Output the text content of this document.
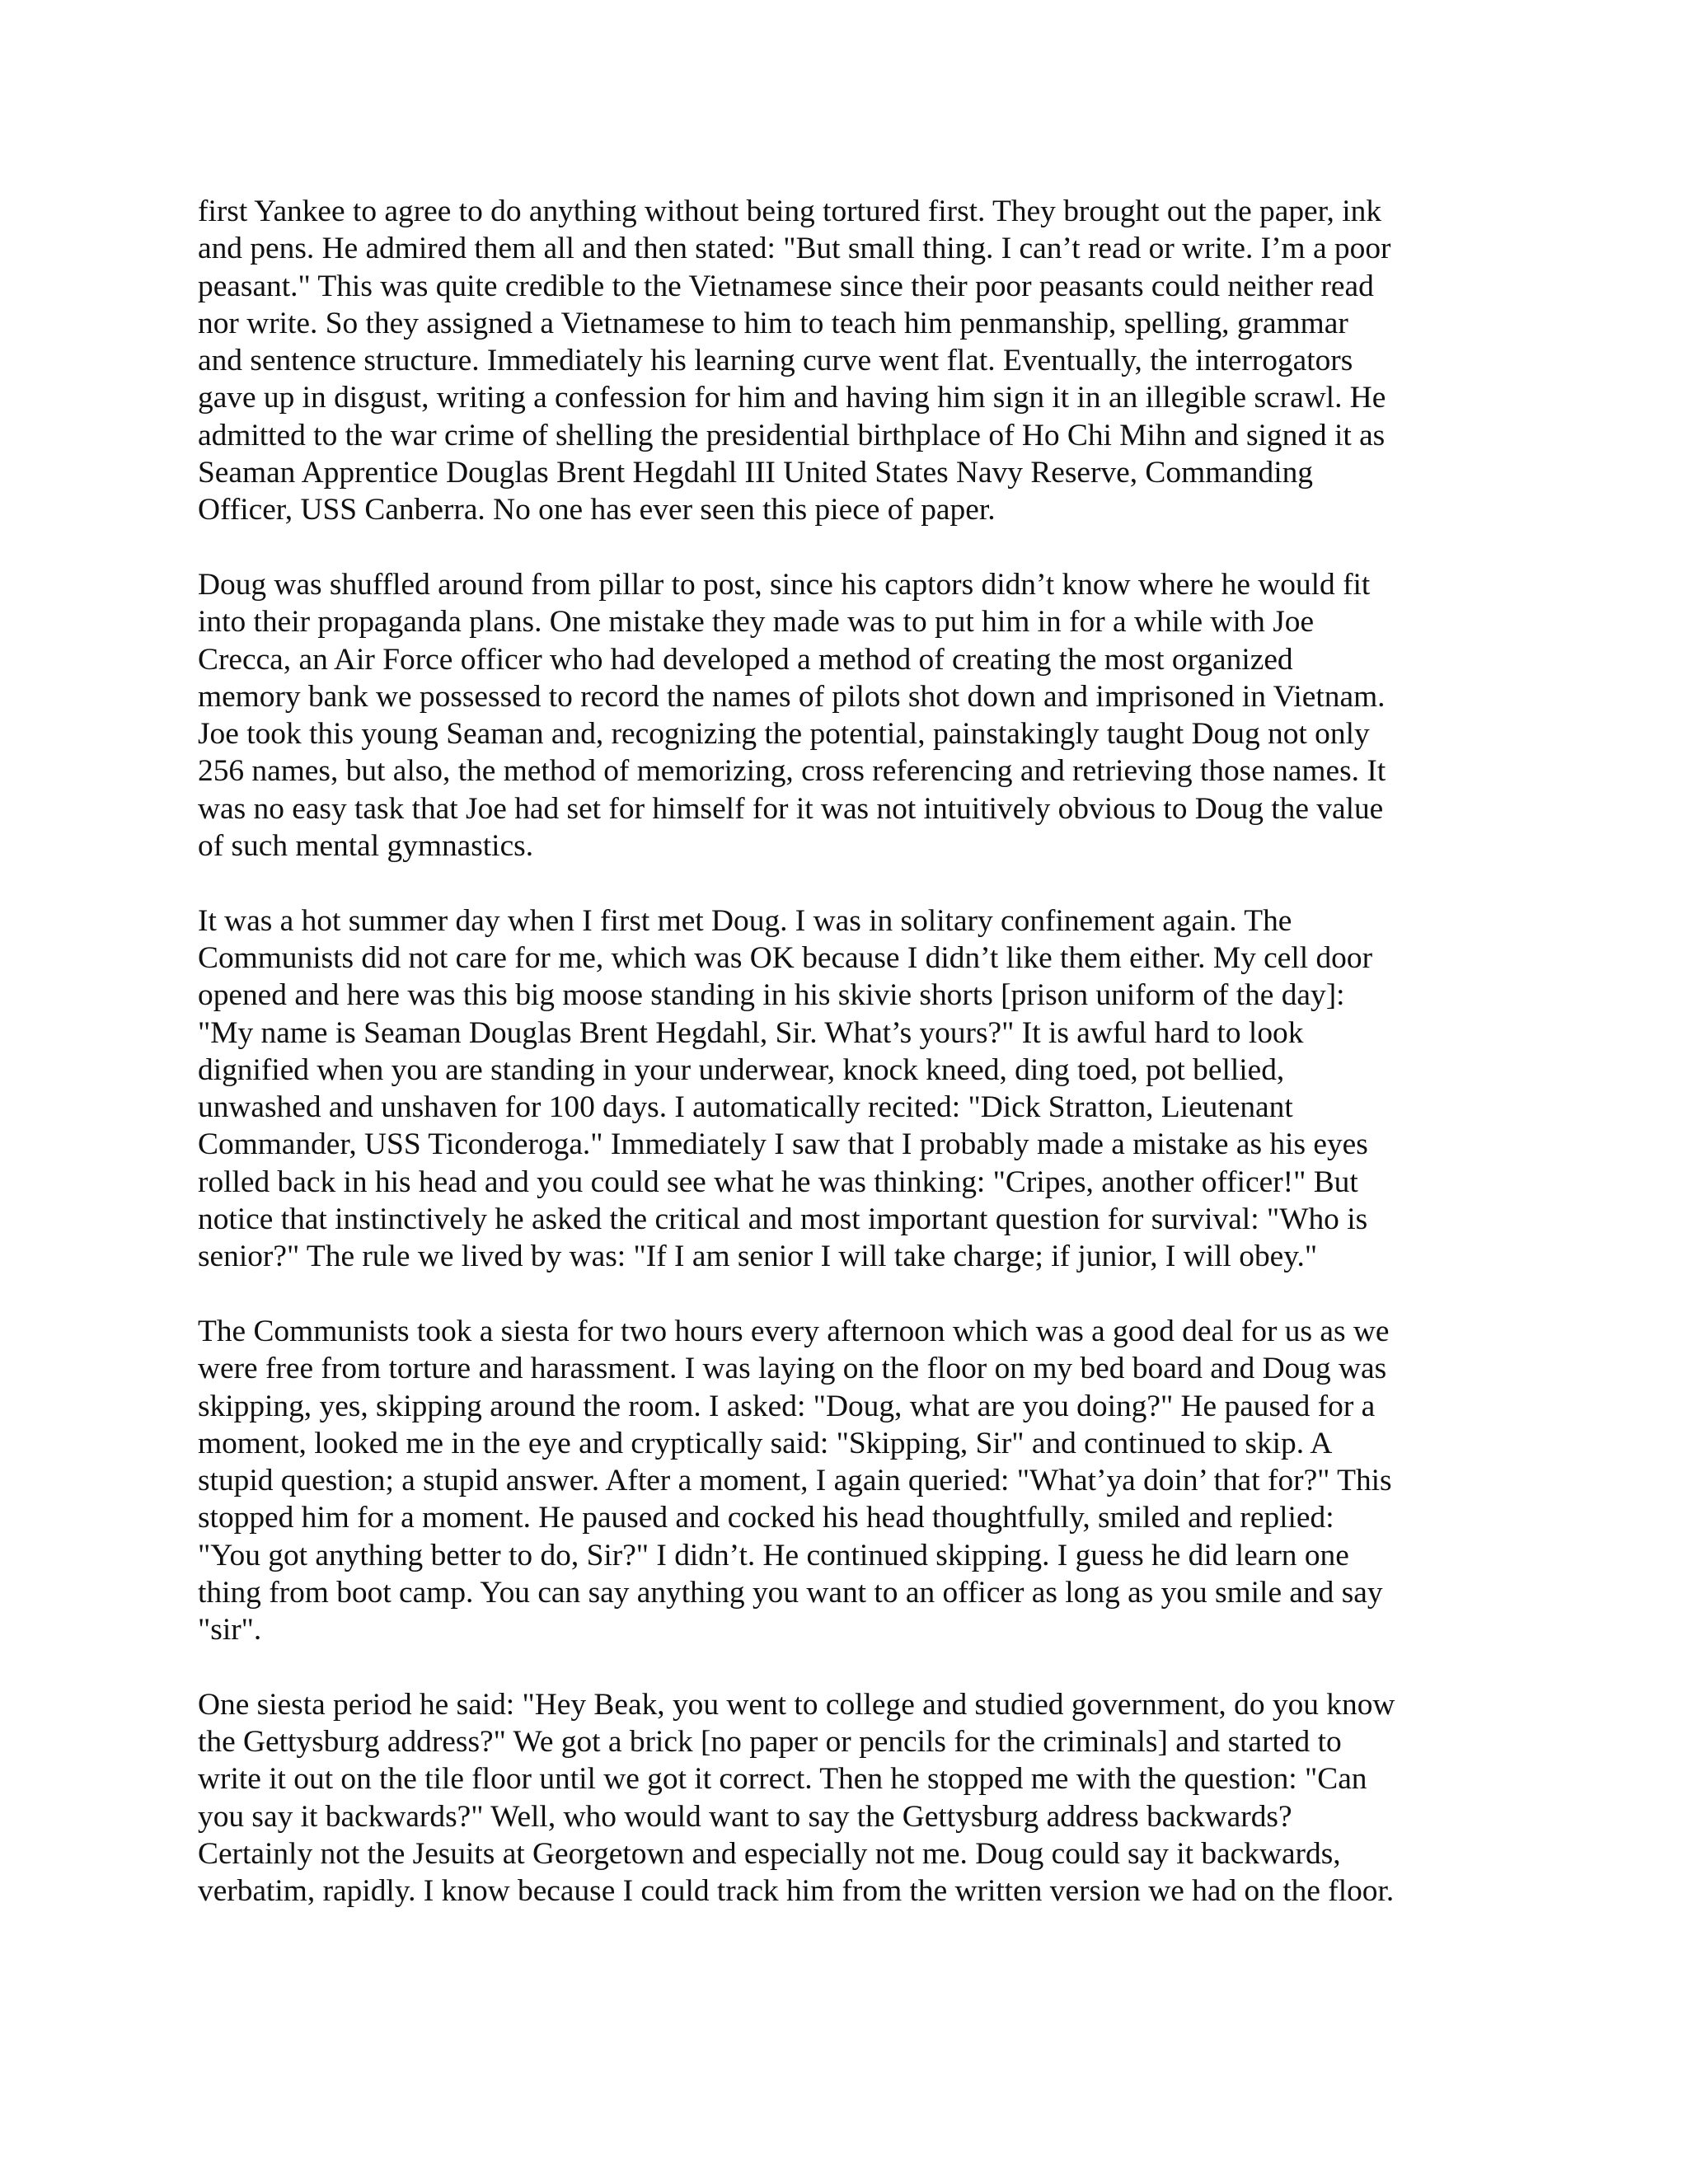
first Yankee to agree to do anything without being tortured first. They brought out the paper, ink
and pens. He admired them all and then stated: "But small thing. I can’t read or write. I’m a poor
peasant." This was quite credible to the Vietnamese since their poor peasants could neither read
nor write. So they assigned a Vietnamese to him to teach him penmanship, spelling, grammar
and sentence structure. Immediately his learning curve went flat. Eventually, the interrogators
gave up in disgust, writing a confession for him and having him sign it in an illegible scrawl. He
admitted to the war crime of shelling the presidential birthplace of Ho Chi Mihn and signed it as
Seaman Apprentice Douglas Brent Hegdahl III United States Navy Reserve, Commanding
Officer, USS Canberra. No one has ever seen this piece of paper.

Doug was shuffled around from pillar to post, since his captors didn’t know where he would fit
into their propaganda plans. One mistake they made was to put him in for a while with Joe
Crecca, an Air Force officer who had developed a method of creating the most organized
memory bank we possessed to record the names of pilots shot down and imprisoned in Vietnam.
Joe took this young Seaman and, recognizing the potential, painstakingly taught Doug not only
256 names, but also, the method of memorizing, cross referencing and retrieving those names. It
was no easy task that Joe had set for himself for it was not intuitively obvious to Doug the value
of such mental gymnastics.

It was a hot summer day when I first met Doug. I was in solitary confinement again. The
Communists did not care for me, which was OK because I didn’t like them either. My cell door
opened and here was this big moose standing in his skivie shorts [prison uniform of the day]:
"My name is Seaman Douglas Brent Hegdahl, Sir. What’s yours?" It is awful hard to look
dignified when you are standing in your underwear, knock kneed, ding toed, pot bellied,
unwashed and unshaven for 100 days. I automatically recited: "Dick Stratton, Lieutenant
Commander, USS Ticonderoga." Immediately I saw that I probably made a mistake as his eyes
rolled back in his head and you could see what he was thinking: "Cripes, another officer!" But
notice that instinctively he asked the critical and most important question for survival: "Who is
senior?" The rule we lived by was: "If I am senior I will take charge; if junior, I will obey."

The Communists took a siesta for two hours every afternoon which was a good deal for us as we
were free from torture and harassment. I was laying on the floor on my bed board and Doug was
skipping, yes, skipping around the room. I asked: "Doug, what are you doing?" He paused for a
moment, looked me in the eye and cryptically said: "Skipping, Sir" and continued to skip. A
stupid question; a stupid answer. After a moment, I again queried: "What’ya doin’ that for?" This
stopped him for a moment. He paused and cocked his head thoughtfully, smiled and replied:
"You got anything better to do, Sir?" I didn’t. He continued skipping. I guess he did learn one
thing from boot camp. You can say anything you want to an officer as long as you smile and say
"sir".

One siesta period he said: "Hey Beak, you went to college and studied government, do you know
the Gettysburg address?" We got a brick [no paper or pencils for the criminals] and started to
write it out on the tile floor until we got it correct. Then he stopped me with the question: "Can
you say it backwards?" Well, who would want to say the Gettysburg address backwards?
Certainly not the Jesuits at Georgetown and especially not me. Doug could say it backwards,
verbatim, rapidly. I know because I could track him from the written version we had on the floor.
